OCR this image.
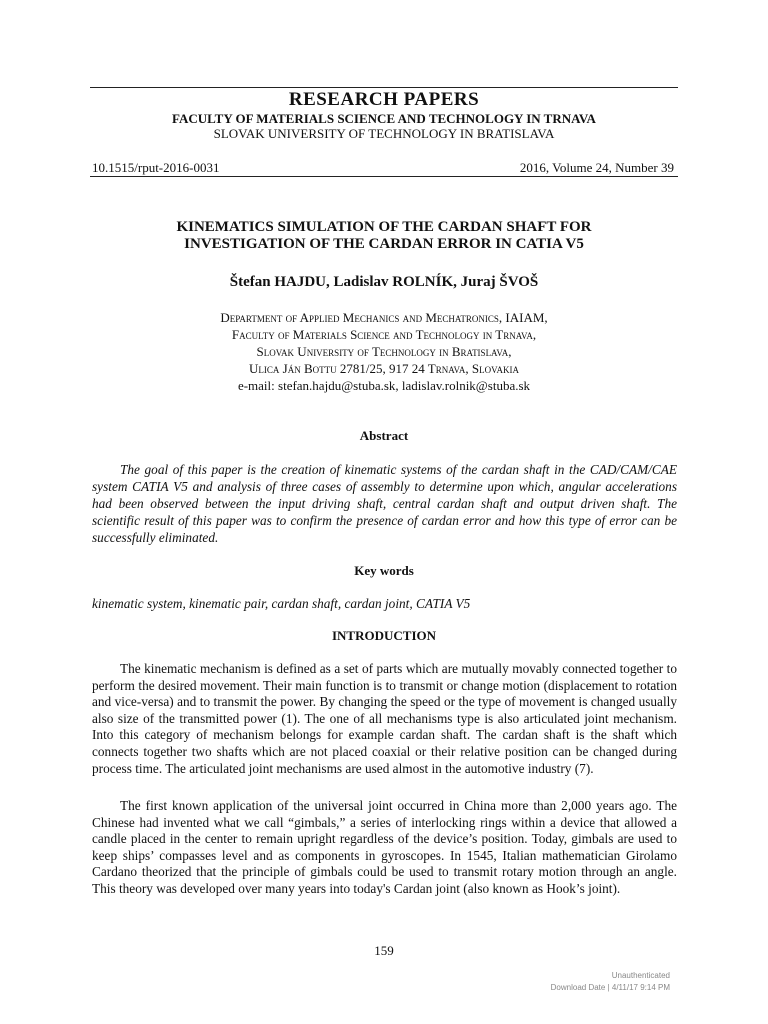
RESEARCH PAPERS
FACULTY OF MATERIALS SCIENCE AND TECHNOLOGY IN TRNAVA
SLOVAK UNIVERSITY OF TECHNOLOGY IN BRATISLAVA
10.1515/rput-2016-0031	2016, Volume 24, Number 39
KINEMATICS SIMULATION OF THE CARDAN SHAFT FOR
INVESTIGATION OF THE CARDAN ERROR IN CATIA V5
Štefan HAJDU, Ladislav ROLNÍK, Juraj ŠVOŠ
Department of Applied Mechanics and Mechatronics, IAIAM,
Faculty of Materials Science and Technology in Trnava,
Slovak University of Technology in Bratislava,
Ulica Ján Bottu 2781/25, 917 24 Trnava, Slovakia
e-mail: stefan.hajdu@stuba.sk, ladislav.rolnik@stuba.sk
Abstract
The goal of this paper is the creation of kinematic systems of the cardan shaft in the CAD/CAM/CAE system CATIA V5 and analysis of three cases of assembly to determine upon which, angular accelerations had been observed between the input driving shaft, central cardan shaft and output driven shaft. The scientific result of this paper was to confirm the presence of cardan error and how this type of error can be successfully eliminated.
Key words
kinematic system, kinematic pair, cardan shaft, cardan joint, CATIA V5
INTRODUCTION
The kinematic mechanism is defined as a set of parts which are mutually movably connected together to perform the desired movement. Their main function is to transmit or change motion (displacement to rotation and vice-versa) and to transmit the power. By changing the speed or the type of movement is changed usually also size of the transmitted power (1). The one of all mechanisms type is also articulated joint mechanism. Into this category of mechanism belongs for example cardan shaft. The cardan shaft is the shaft which connects together two shafts which are not placed coaxial or their relative position can be changed during process time. The articulated joint mechanisms are used almost in the automotive industry (7).
The first known application of the universal joint occurred in China more than 2,000 years ago. The Chinese had invented what we call “gimbals,” a series of interlocking rings within a device that allowed a candle placed in the center to remain upright regardless of the device’s position. Today, gimbals are used to keep ships’ compasses level and as components in gyroscopes. In 1545, Italian mathematician Girolamo Cardano theorized that the principle of gimbals could be used to transmit rotary motion through an angle. This theory was developed over many years into today's Cardan joint (also known as Hook’s joint).
159
Unauthenticated
Download Date | 4/11/17 9:14 PM
